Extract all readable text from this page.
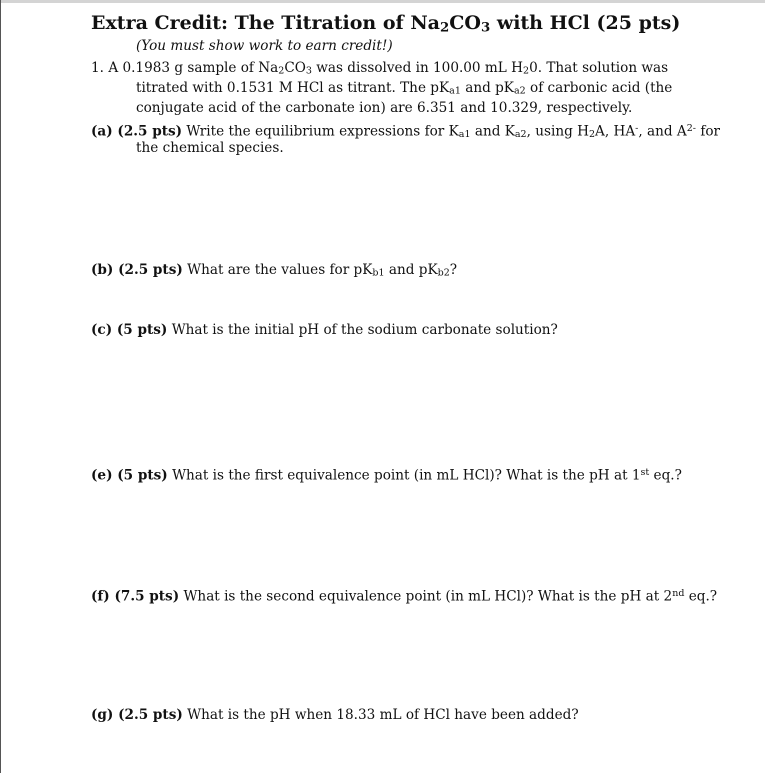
Extra Credit: The Titration of Na2CO3 with HCl (25 pts)
(You must show work to earn credit!)
1. A 0.1983 g sample of Na2CO3 was dissolved in 100.00 mL H20. That solution was
titrated with 0.1531 M HCl as titrant. The pKa1 and pKa2 of carbonic acid (the
conjugate acid of the carbonate ion) are 6.351 and 10.329, respectively.
(a) (2.5 pts) Write the equilibrium expressions for Ka1 and Ka2, using H2A, HA-, and $A^{2-}$ for
the chemical species.
(b) (2.5 pts) What are the values for pKb1 and pKb2?
(c) (5 pts) What is the initial pH of the sodium carbonate solution?
(e) (5 pts) What is the first equivalence point (in mL HCl)? What is the pH at 1st eq.?
(f) (7.5 pts) What is the second equivalence point (in mL HCl)? What is the pH at 2nd eq.?
(g) (2.5 pts) What is the pH when 18.33 mL of HCl have been added?
